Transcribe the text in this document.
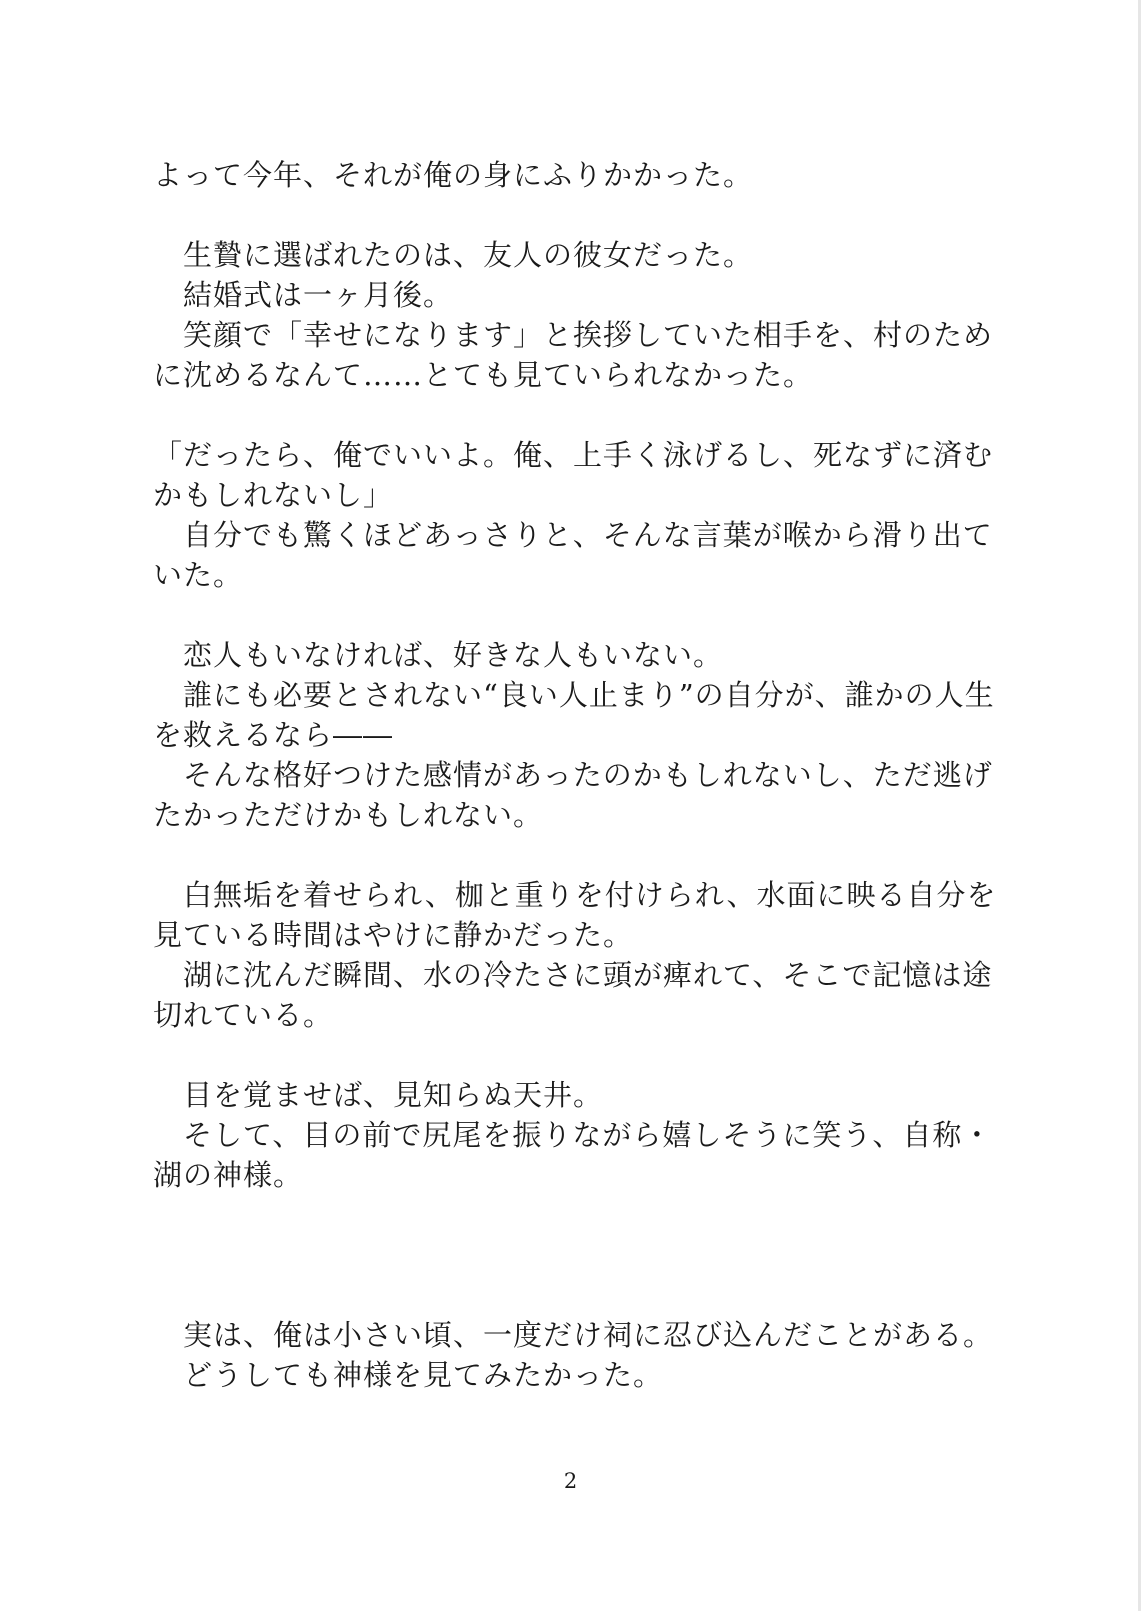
よって今年、それが俺の身にふりかかった。
　生贄に選ばれたのは、友人の彼女だった。
　結婚式は一ヶ月後。
　笑顔で「幸せになります」と挨拶していた相手を、村のため
に沈めるなんて……とても見ていられなかった。
「だったら、俺でいいよ。俺、上手く泳げるし、死なずに済む
かもしれないし」
　自分でも驚くほどあっさりと、そんな言葉が喉から滑り出て
いた。
　恋人もいなければ、好きな人もいない。
　誰にも必要とされない“良い人止まり”の自分が、誰かの人生
を救えるなら――
　そんな格好つけた感情があったのかもしれないし、ただ逃げ
たかっただけかもしれない。
　白無垢を着せられ、枷と重りを付けられ、水面に映る自分を
見ている時間はやけに静かだった。
　湖に沈んだ瞬間、水の冷たさに頭が痺れて、そこで記憶は途
切れている。
　目を覚ませば、見知らぬ天井。
　そして、目の前で尻尾を振りながら嬉しそうに笑う、自称・
湖の神様。
　実は、俺は小さい頃、一度だけ祠に忍び込んだことがある。
　どうしても神様を見てみたかった。
2
